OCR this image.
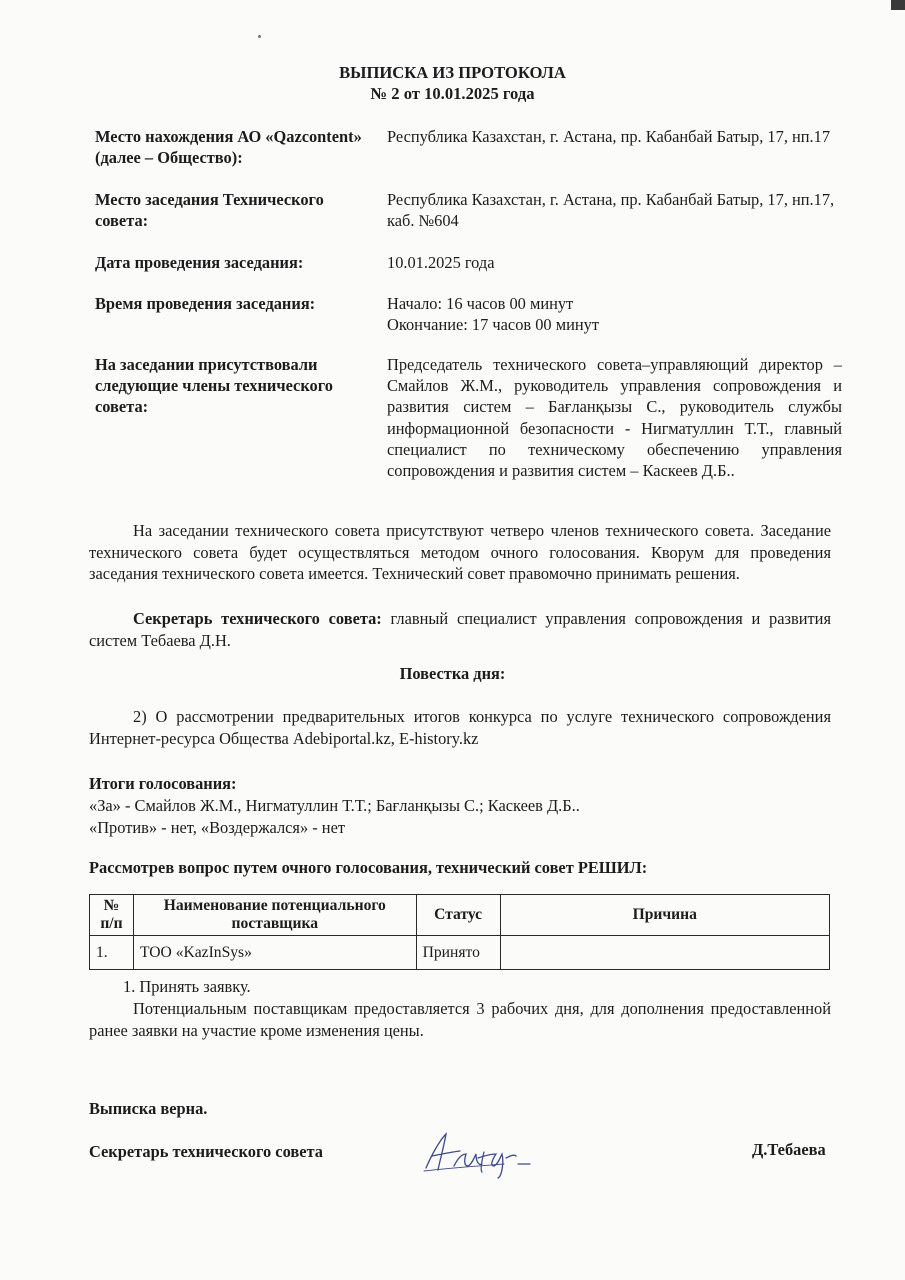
ВЫПИСКА ИЗ ПРОТОКОЛА
№ 2 от 10.01.2025 года
Место нахождения АО «Qazcontent» (далее – Общество):
Республика Казахстан, г. Астана, пр. Кабанбай Батыр, 17, нп.17
Место заседания Технического совета:
Республика Казахстан, г. Астана, пр. Кабанбай Батыр, 17, нп.17, каб. №604
Дата проведения заседания:	10.01.2025 года
Время проведения заседания:	Начало: 16 часов 00 минут
Окончание: 17 часов 00 минут
На заседании присутствовали следующие члены технического совета:
Председатель технического совета–управляющий директор – Смайлов Ж.М., руководитель управления сопровождения и развития систем – Бағланқызы С., руководитель службы информационной безопасности - Нигматуллин Т.Т., главный специалист по техническому обеспечению управления сопровождения и развития систем – Каскеев Д.Б..
На заседании технического совета присутствуют четверо членов технического совета. Заседание технического совета будет осуществляться методом очного голосования. Кворум для проведения заседания технического совета имеется. Технический совет правомочно принимать решения.
Секретарь технического совета: главный специалист управления сопровождения и развития систем Тебаева Д.Н.
Повестка дня:
2) О рассмотрении предварительных итогов конкурса по услуге технического сопровождения Интернет-ресурса Общества Adebiportal.kz, E-history.kz
Итоги голосования:
«За» - Смайлов Ж.М., Нигматуллин Т.Т.; Бағланқызы С.; Каскеев Д.Б..
«Против» - нет, «Воздержался» - нет
Рассмотрев вопрос путем очного голосования, технический совет РЕШИЛ:
№ п/п	Наименование потенциального поставщика	Статус	Причина
1.	ТОО «KazInSys»	Принято	
1. Принять заявку.
Потенциальным поставщикам предоставляется 3 рабочих дня, для дополнения предоставленной ранее заявки на участие кроме изменения цены.
Выписка верна.
Секретарь технического совета	Д.Тебаева
